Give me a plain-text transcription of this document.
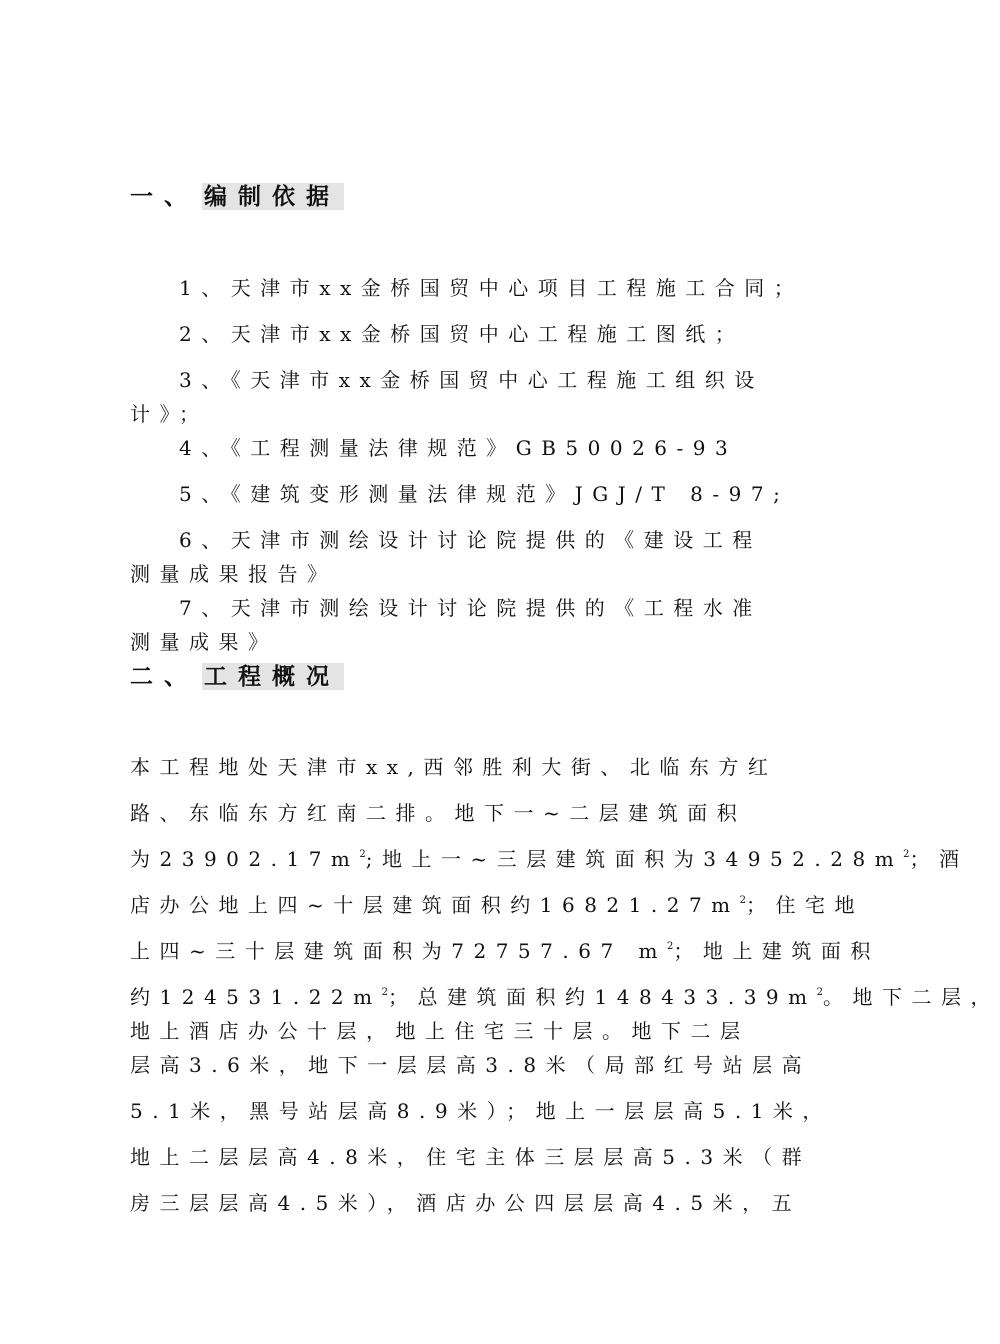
一、 编制依据
1、天津市xx金桥国贸中心项目工程施工合同；
2、天津市xx金桥国贸中心工程施工图纸；
3、《天津市xx金桥国贸中心工程施工组织设
计》；
4、《工程测量法律规范》GB50026-93
5、《建筑变形测量法律规范》JGJ/T 8-97;
6、天津市测绘设计讨论院提供的《建设工程
测量成果报告》
7、天津市测绘设计讨论院提供的《工程水准
测量成果》
二、 工程概况
本工程地处天津市xx,西邻胜利大街、北临东方红
路、东临东方红南二排。地下一~二层建筑面积
为$23902.17m^2$;地上一~三层建筑面积为$34952.28m^2$；酒
店办公地上四~十层建筑面积约$16821.27m^2$；住宅地
上四~三十层建筑面积为72757.67 $m^2$；地上建筑面积
约$124531.22m^2$；总建筑面积约$148433.39m^2$。地下二层，
地上酒店办公十层，地上住宅三十层。地下二层
层高3.6米，地下一层层高3.8米（局部红号站层高
5.1米，黑号站层高8.9米）；地上一层层高5.1米，
地上二层层高4.8米，住宅主体三层层高5.3米（群
房三层层高4.5米），酒店办公四层层高4.5米，五
